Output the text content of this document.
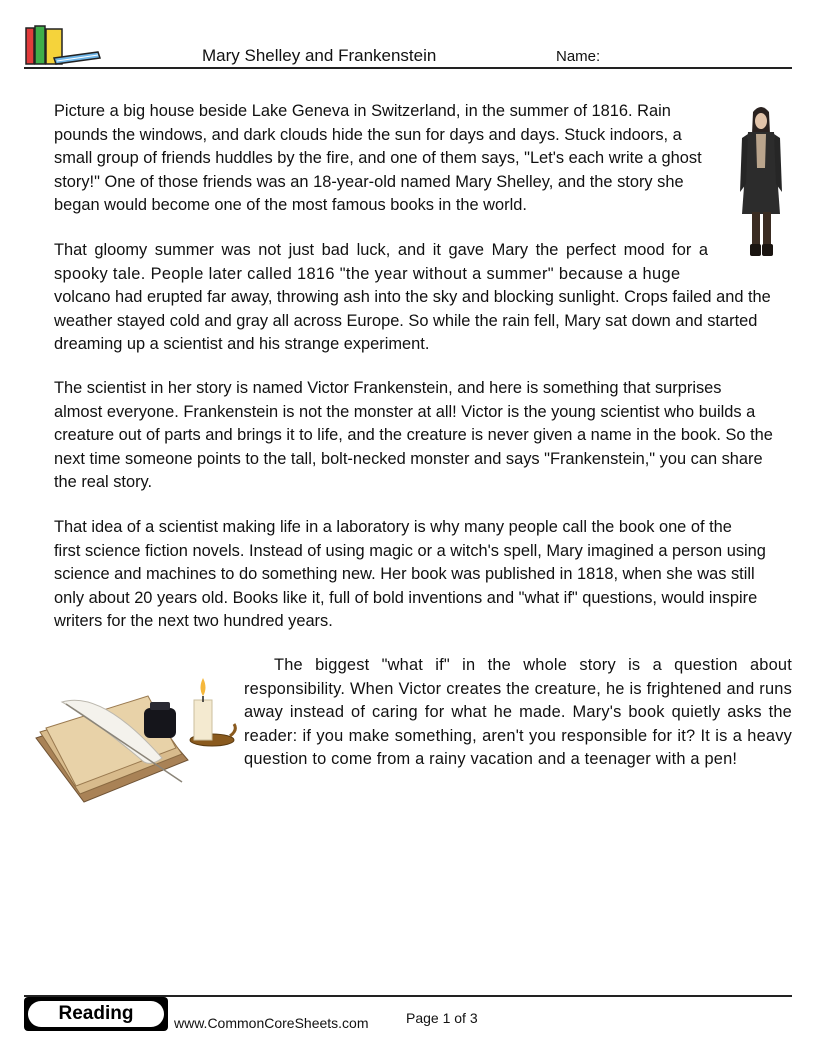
Mary Shelley and Frankenstein	Name:

Picture a big house beside Lake Geneva in Switzerland, in the summer of 1816. Rain
pounds the windows, and dark clouds hide the sun for days and days. Stuck indoors, a
small group of friends huddles by the fire, and one of them says, "Let's each write a ghost
story!" One of those friends was an 18-year-old named Mary Shelley, and the story she
began would become one of the most famous books in the world.

That gloomy summer was not just bad luck, and it gave Mary the perfect mood for a
spooky tale. People later called 1816 "the year without a summer" because a huge
volcano had erupted far away, throwing ash into the sky and blocking sunlight. Crops failed and the
weather stayed cold and gray all across Europe. So while the rain fell, Mary sat down and started
dreaming up a scientist and his strange experiment.

The scientist in her story is named Victor Frankenstein, and here is something that surprises
almost everyone. Frankenstein is not the monster at all! Victor is the young scientist who builds a
creature out of parts and brings it to life, and the creature is never given a name in the book. So the
next time someone points to the tall, bolt-necked monster and says "Frankenstein," you can share
the real story.

That idea of a scientist making life in a laboratory is why many people call the book one of the
first science fiction novels. Instead of using magic or a witch's spell, Mary imagined a person using
science and machines to do something new. Her book was published in 1818, when she was still
only about 20 years old. Books like it, full of bold inventions and "what if" questions, would inspire
writers for the next two hundred years.

The biggest "what if" in the whole story is a question about responsibility. When Victor creates the creature, he is frightened and runs away instead of caring for what he made. Mary's book quietly asks the reader: if you make something, aren't you responsible for it? It is a heavy question to come from a rainy vacation and a teenager with a pen!

Reading	www.CommonCoreSheets.com	Page 1 of 3
